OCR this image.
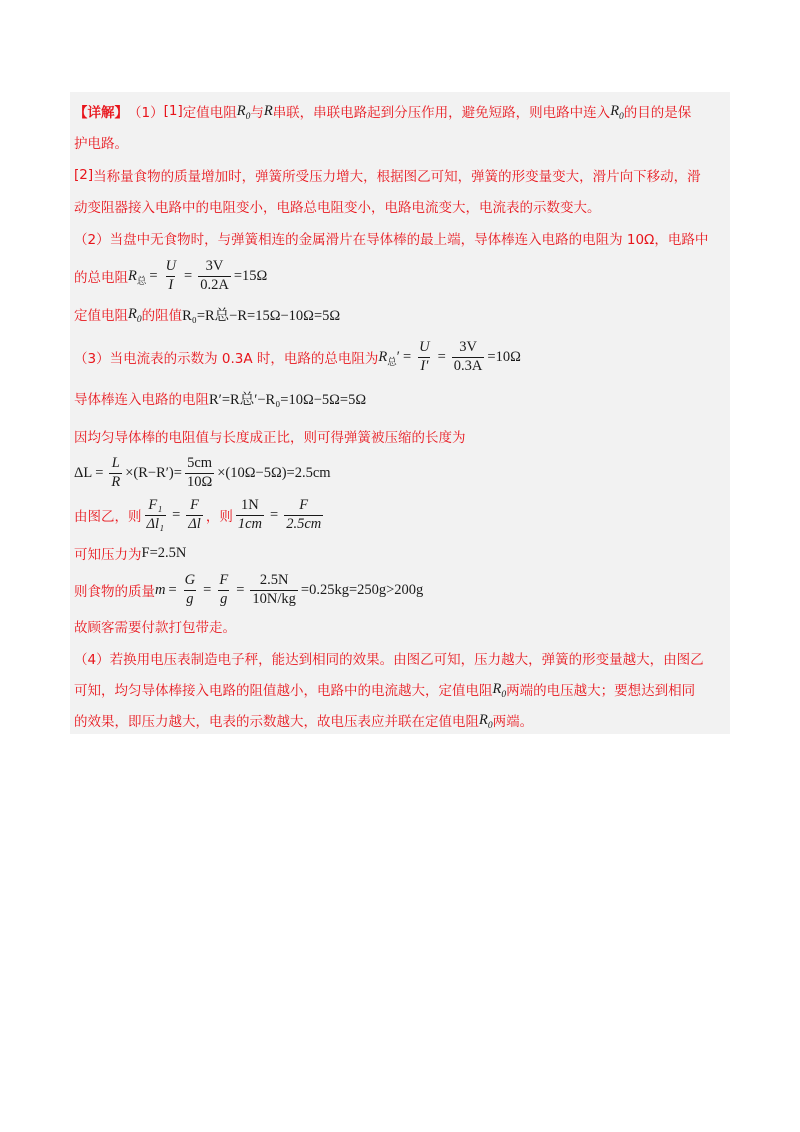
【详解】 （1） [1] 定值电阻 $R_0$ 与 R 串联，串联电路起到分压作用，避免短路，则电路中连入 $R_0$ 的目的是保
护电路。
[2] 当称量食物的质量增加时，弹簧所受压力增大，根据图乙可知，弹簧的形变量变大，滑片向下移动，滑
动变阻器接入电路中的电阻变小，电路总电阻变小，电路电流变大，电流表的示数变大。
（2） 当盘中无食物时，与弹簧相连的金属滑片在导体棒的最上端，导体棒连入电路的电阻为 10Ω，电路中
的总电阻 R 总 = $\frac{U}{I} = \frac{3V}{0.2A} =15\Omega$
定值电阻 $R_0$ 的阻值 R₀=R总−R=15Ω−10Ω=5Ω
（3） 当电流表的示数为 0.3A 时，电路的总电阻为 R 总 ′ = $\frac{U}{I'} = \frac{3V}{0.3A} =10\Omega$
导体棒连入电路的电阻 R′=R总′−R₀=10Ω−5Ω=5Ω
因均匀导体棒的电阻值与长度成正比，则可得弹簧被压缩的长度为
$\Delta L = \frac{L}{R} \times(R-R')= \frac{5cm}{10\Omega} \times(10\Omega-5\Omega)=2.5cm$
由图乙，则 $\frac{\text{F₁}}{\text{Δl₁}} = \frac{F}{\Delta l}$ ，则 $\frac{1N}{1cm} = \frac{F}{2.5cm}$
可知压力为 F=2.5N
则食物的质量 $m = \frac{G}{g} = \frac{F}{g} = \frac{2.5N}{10N/kg} =0.25kg=250g>200g$
故顾客需要付款打包带走。
（4） 若换用电压表制造电子秤，能达到相同的效果。由图乙可知，压力越大，弹簧的形变量越大，由图乙
可知，均匀导体棒接入电路的阻值越小，电路中的电流越大，定值电阻 $R_0$ 两端的电压越大；要想达到相同
的效果，即压力越大，电表的示数越大，故电压表应并联在定值电阻 $R_0$ 两端。
